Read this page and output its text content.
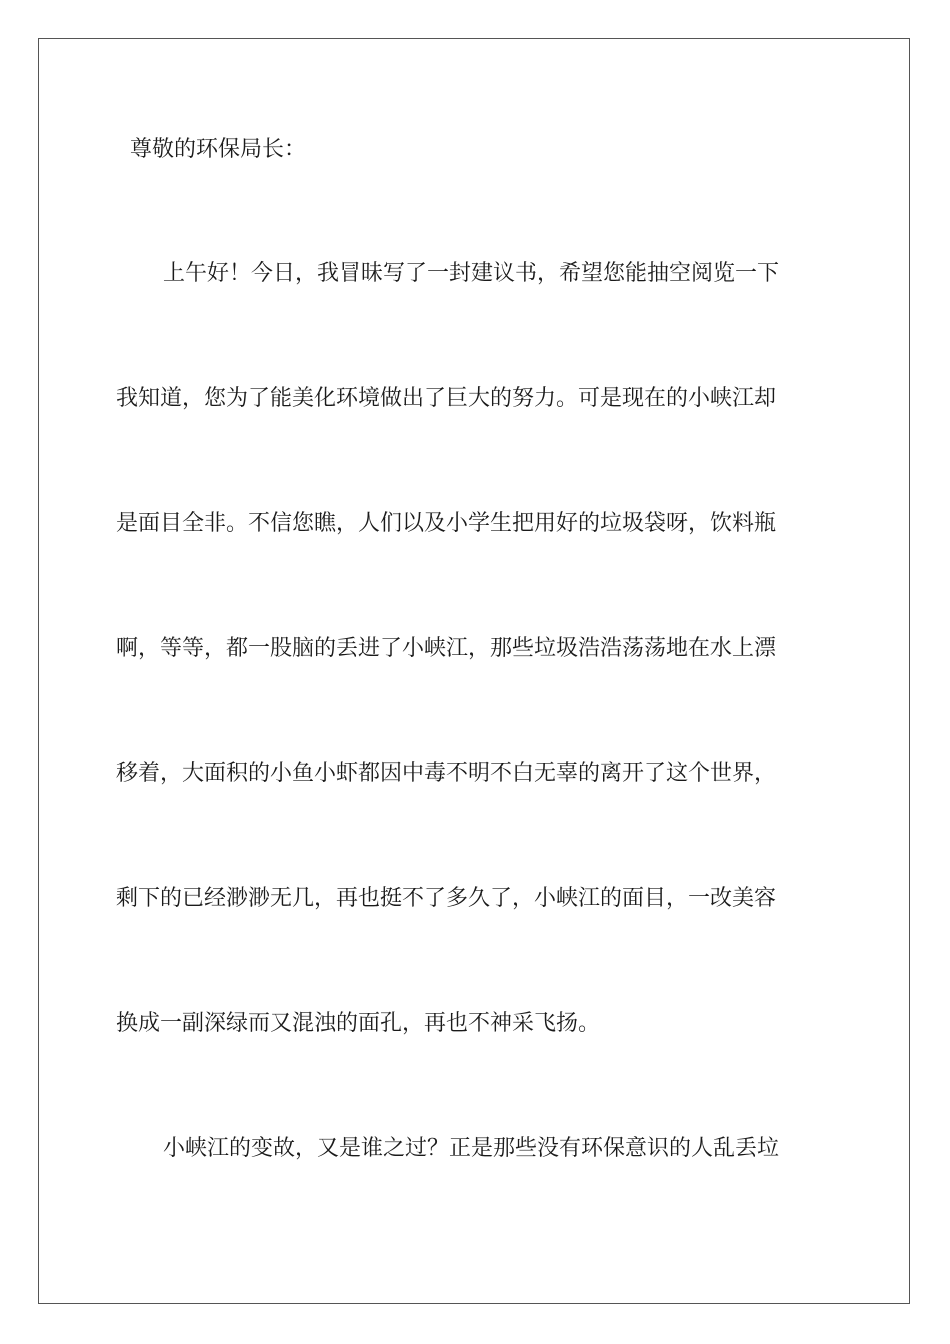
尊敬的环保局长：
上午好！今日，我冒昧写了一封建议书，希望您能抽空阅览一下
我知道，您为了能美化环境做出了巨大的努力。可是现在的小峡江却
是面目全非。不信您瞧，人们以及小学生把用好的垃圾袋呀，饮料瓶
啊，等等，都一股脑的丢进了小峡江，那些垃圾浩浩荡荡地在水上漂
移着，大面积的小鱼小虾都因中毒不明不白无辜的离开了这个世界，
剩下的已经渺渺无几，再也挺不了多久了，小峡江的面目，一改美容
换成一副深绿而又混浊的面孔，再也不神采飞扬。
小峡江的变故，又是谁之过？正是那些没有环保意识的人乱丢垃
